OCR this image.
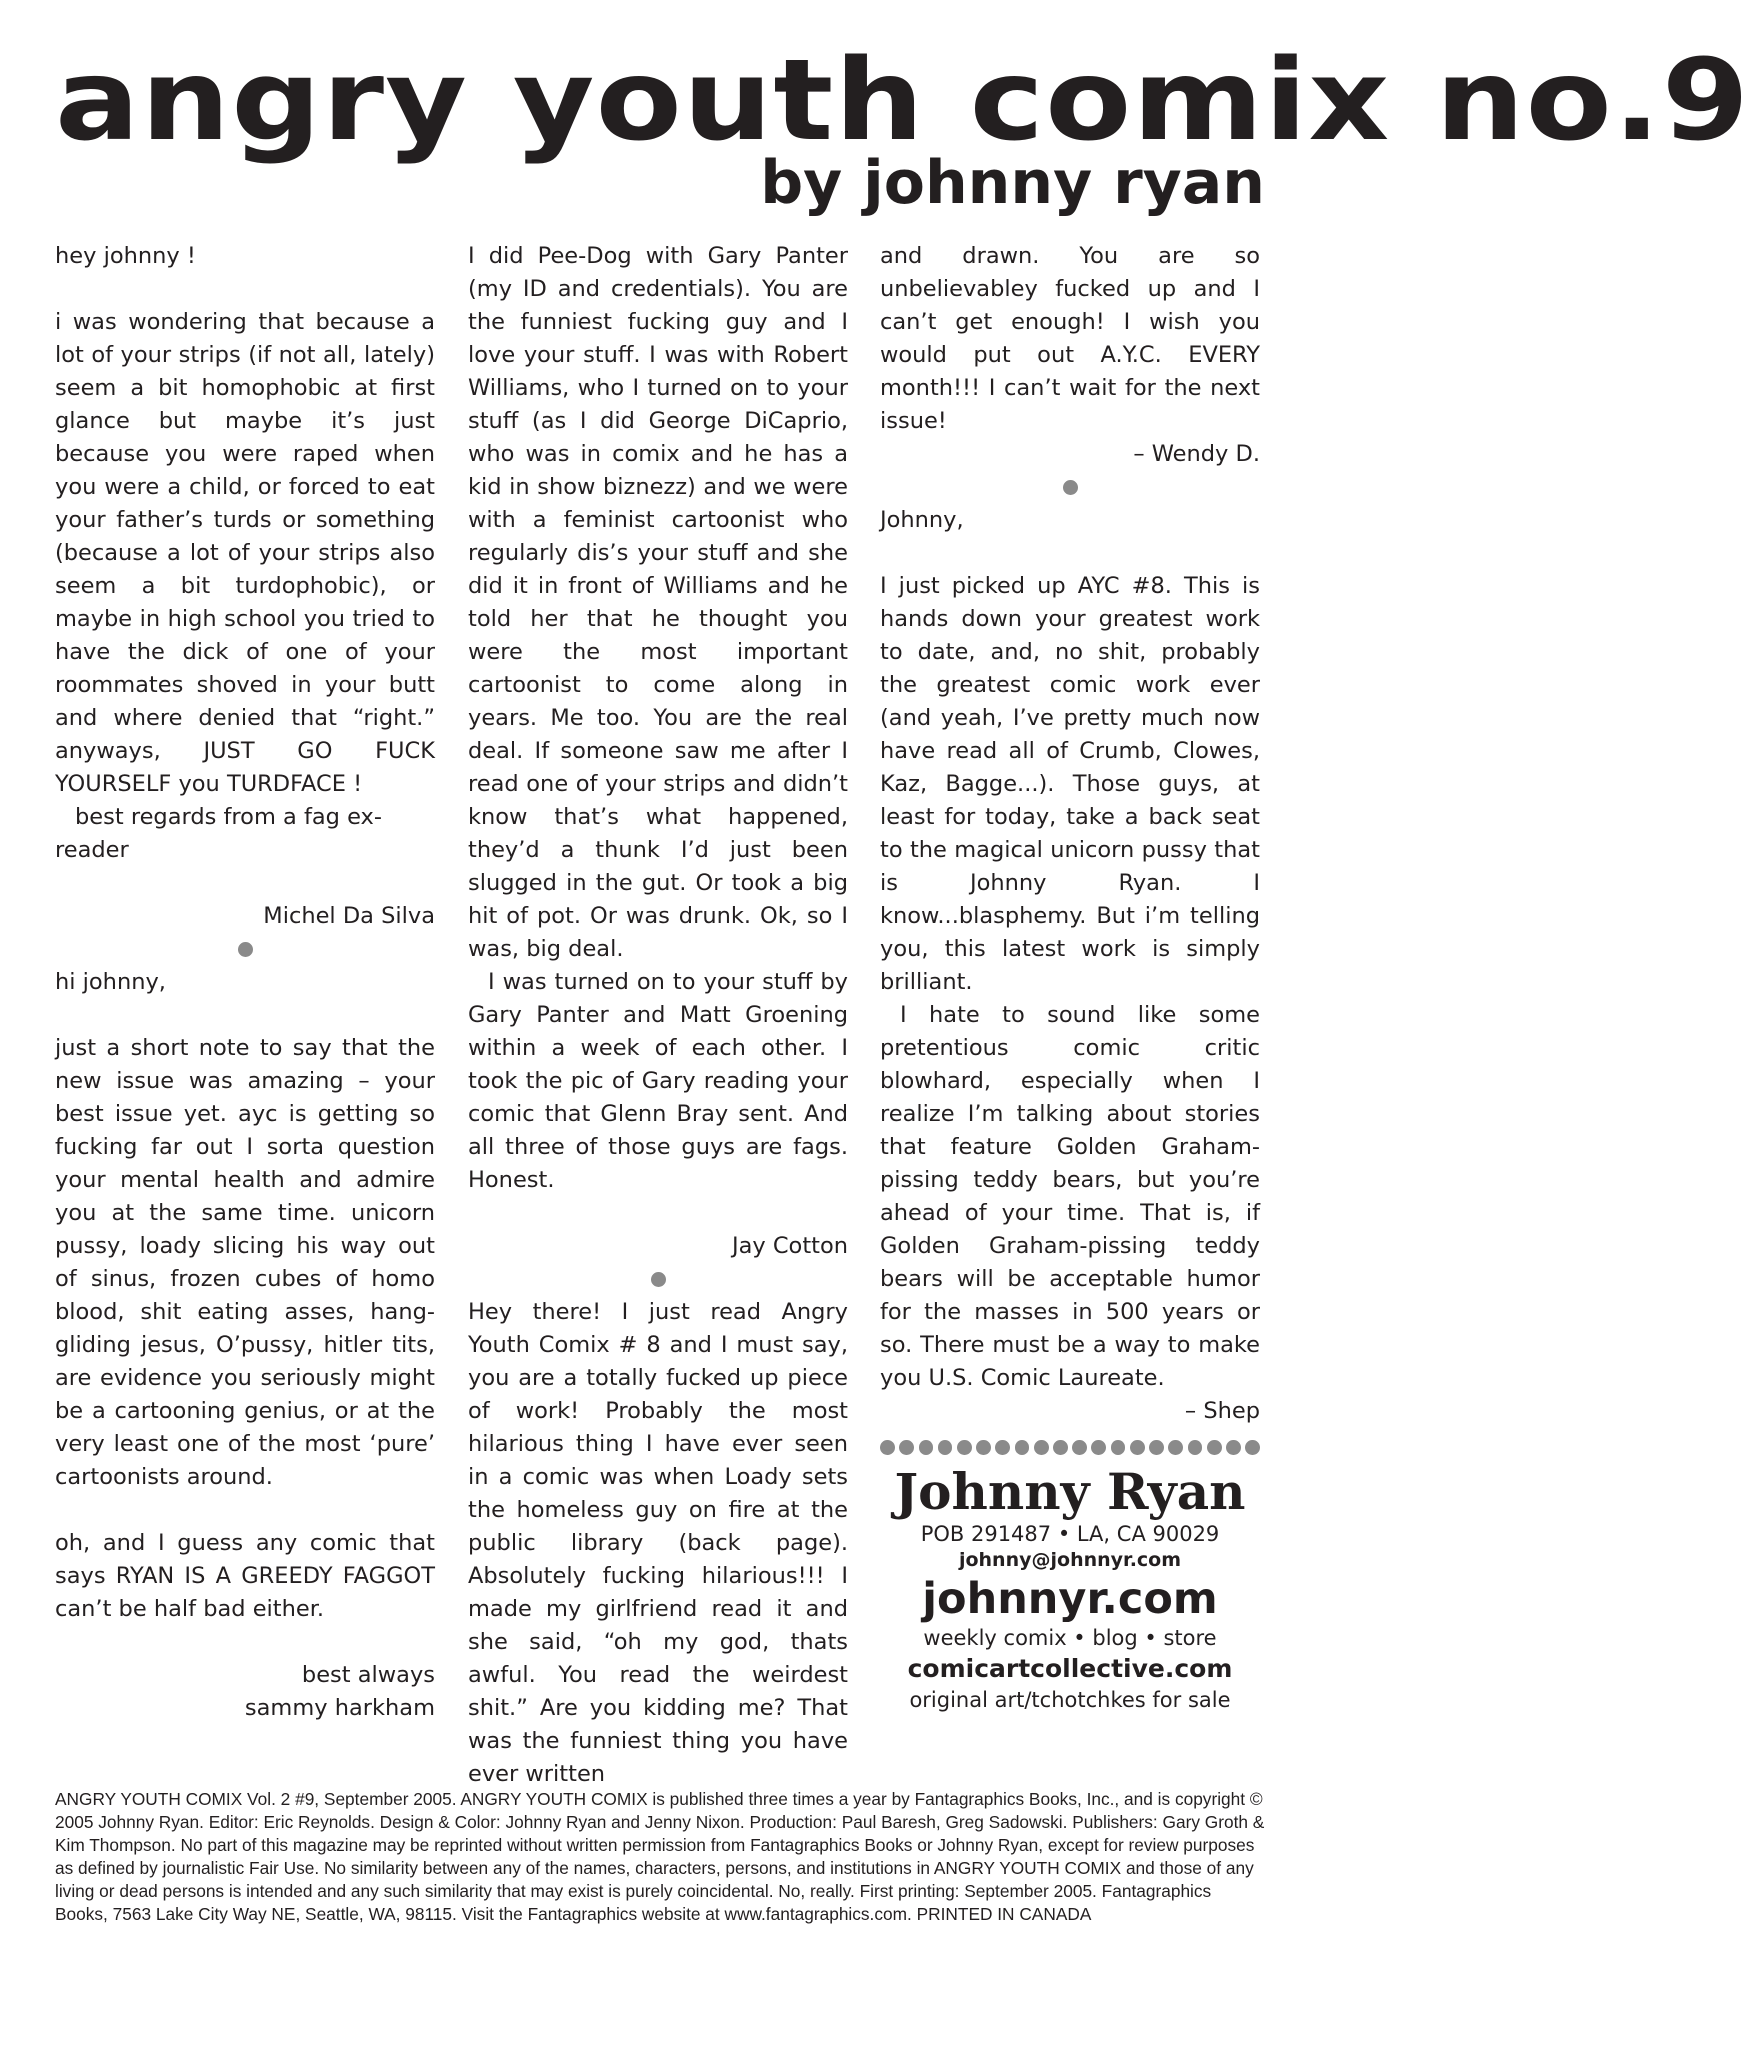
angry youth comix no.9
by johnny ryan

hey johnny !

i was wondering that because a lot of your strips (if not all, lately) seem a bit homophobic at first glance but maybe it’s just because you were raped when you were a child, or forced to eat your father’s turds or something (because a lot of your strips also seem a bit turdophobic), or maybe in high school you tried to have the dick of one of your roommates shoved in your butt and where denied that “right.” anyways, JUST GO FUCK YOURSELF you TURDFACE !

best regards from a fag ex-reader

Michel Da Silva

hi johnny,

just a short note to say that the new issue was amazing – your best issue yet. ayc is getting so fucking far out I sorta question your mental health and admire you at the same time. unicorn pussy, loady slicing his way out of sinus, frozen cubes of homo blood, shit eating asses, hang-gliding jesus, O’pussy, hitler tits, are evidence you seriously might be a cartooning genius, or at the very least one of the most ‘pure’ cartoonists around.

oh, and I guess any comic that says RYAN IS A GREEDY FAGGOT can’t be half bad either.

best always

sammy harkham

I did Pee-Dog with Gary Panter (my ID and credentials). You are the funniest fucking guy and I love your stuff. I was with Robert Williams, who I turned on to your stuff (as I did George DiCaprio, who was in comix and he has a kid in show biznezz) and we were with a feminist cartoonist who regularly dis’s your stuff and she did it in front of Williams and he told her that he thought you were the most important cartoonist to come along in years. Me too. You are the real deal. If someone saw me after I read one of your strips and didn’t know that’s what happened, they’d a thunk I’d just been slugged in the gut. Or took a big hit of pot. Or was drunk. Ok, so I was, big deal.

I was turned on to your stuff by Gary Panter and Matt Groening within a week of each other. I took the pic of Gary reading your comic that Glenn Bray sent. And all three of those guys are fags. Honest.

Jay Cotton

Hey there! I just read Angry Youth Comix # 8 and I must say, you are a totally fucked up piece of work! Probably the most hilarious thing I have ever seen in a comic was when Loady sets the homeless guy on fire at the public library (back page). Absolutely fucking hilarious!!! I made my girlfriend read it and she said, “oh my god, thats awful. You read the weirdest shit.” Are you kidding me? That was the funniest thing you have ever written

and drawn. You are so unbelievabley fucked up and I can’t get enough! I wish you would put out A.Y.C. EVERY month!!! I can’t wait for the next issue!

– Wendy D.

Johnny,

I just picked up AYC #8. This is hands down your greatest work to date, and, no shit, probably the greatest comic work ever (and yeah, I’ve pretty much now have read all of Crumb, Clowes, Kaz, Bagge...). Those guys, at least for today, take a back seat to the magical unicorn pussy that is Johnny Ryan. I know...blasphemy. But i’m telling you, this latest work is simply brilliant.

I hate to sound like some pretentious comic critic blowhard, especially when I realize I’m talking about stories that feature Golden Graham-pissing teddy bears, but you’re ahead of your time. That is, if Golden Graham-pissing teddy bears will be acceptable humor for the masses in 500 years or so. There must be a way to make you U.S. Comic Laureate.

– Shep

Johnny Ryan
POB 291487 • LA, CA 90029
johnny@johnnyr.com
johnnyr.com
weekly comix • blog • store
comicartcollective.com
original art/tchotchkes for sale
ANGRY YOUTH COMIX Vol. 2 #9, September 2005. ANGRY YOUTH COMIX is published three times a year by Fantagraphics Books, Inc., and is copyright © 2005 Johnny Ryan. Editor: Eric Reynolds. Design & Color: Johnny Ryan and Jenny Nixon. Production: Paul Baresh, Greg Sadowski. Publishers: Gary Groth & Kim Thompson. No part of this magazine may be reprinted without written permission from Fantagraphics Books or Johnny Ryan, except for review purposes as defined by journalistic Fair Use. No similarity between any of the names, characters, persons, and institutions in ANGRY YOUTH COMIX and those of any living or dead persons is intended and any such similarity that may exist is purely coincidental. No, really. First printing: September 2005. Fantagraphics Books, 7563 Lake City Way NE, Seattle, WA, 98115. Visit the Fantagraphics website at www.fantagraphics.com. PRINTED IN CANADA
